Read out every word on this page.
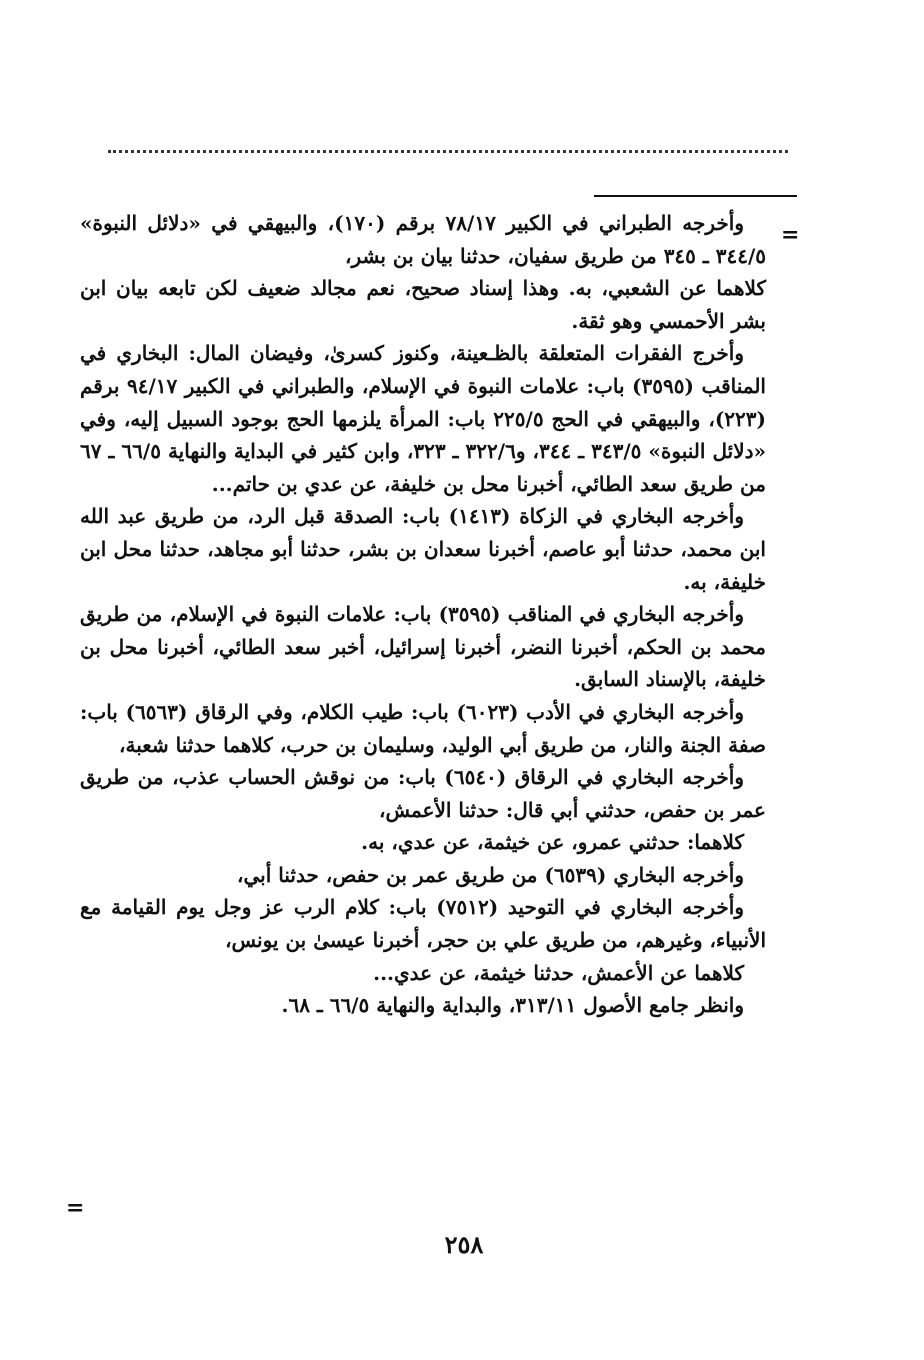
=

وأخرجه الطبراني في الكبير ٧٨/١٧ برقم (١٧٠)، والبيهقي في «دلائل النبوة» ٣٤٤/٥ ـ ٣٤٥ من طريق سفيان، حدثنا بيان بن بشر،

كلاهما عن الشعبي، به. وهذا إسناد صحيح، نعم مجالد ضعيف لكن تابعه بيان ابن بشر الأحمسي وهو ثقة.

وأخرج الفقرات المتعلقة بالظـعينة، وكنوز كسرىٰ، وفيضان المال: البخاري في المناقب (٣٥٩٥) باب: علامات النبوة في الإسلام، والطبراني في الكبير ٩٤/١٧ برقم (٢٢٣)، والبيهقي في الحج ٢٢٥/٥ باب: المرأة يلزمها الحج بوجود السبيل إليه، وفي «دلائل النبوة» ٣٤٣/٥ ـ ٣٤٤، و٣٢٢/٦ ـ ٣٢٣، وابن كثير في البداية والنهاية ٦٦/٥ ـ ٦٧ من طريق سعد الطائي، أخبرنا محل بن خليفة، عن عدي بن حاتم...

وأخرجه البخاري في الزكاة (١٤١٣) باب: الصدقة قبل الرد، من طريق عبد الله ابن محمد، حدثنا أبو عاصم، أخبرنا سعدان بن بشر، حدثنا أبو مجاهد، حدثنا محل ابن خليفة، به.

وأخرجه البخاري في المناقب (٣٥٩٥) باب: علامات النبوة في الإسلام، من طريق محمد بن الحكم، أخبرنا النضر، أخبرنا إسرائيل، أخبر سعد الطائي، أخبرنا محل بن خليفة، بالإسناد السابق.

وأخرجه البخاري في الأدب (٦٠٢٣) باب: طيب الكلام، وفي الرقاق (٦٥٦٣) باب: صفة الجنة والنار، من طريق أبي الوليد، وسليمان بن حرب، كلاهما حدثنا شعبة،

وأخرجه البخاري في الرقاق (٦٥٤٠) باب: من نوقش الحساب عذب، من طريق عمر بن حفص، حدثني أبي قال: حدثنا الأعمش،

كلاهما: حدثني عمرو، عن خيثمة، عن عدي، به.

وأخرجه البخاري (٦٥٣٩) من طريق عمر بن حفص، حدثنا أبي،

وأخرجه البخاري في التوحيد (٧٥١٢) باب: كلام الرب عز وجل يوم القيامة مع الأنبياء، وغيرهم، من طريق علي بن حجر، أخبرنا عيسىٰ بن يونس،

كلاهما عن الأعمش، حدثنا خيثمة، عن عدي...

وانظر جامع الأصول ٣١٣/١١، والبداية والنهاية ٦٦/٥ ـ ٦٨.

=
٢٥٨
